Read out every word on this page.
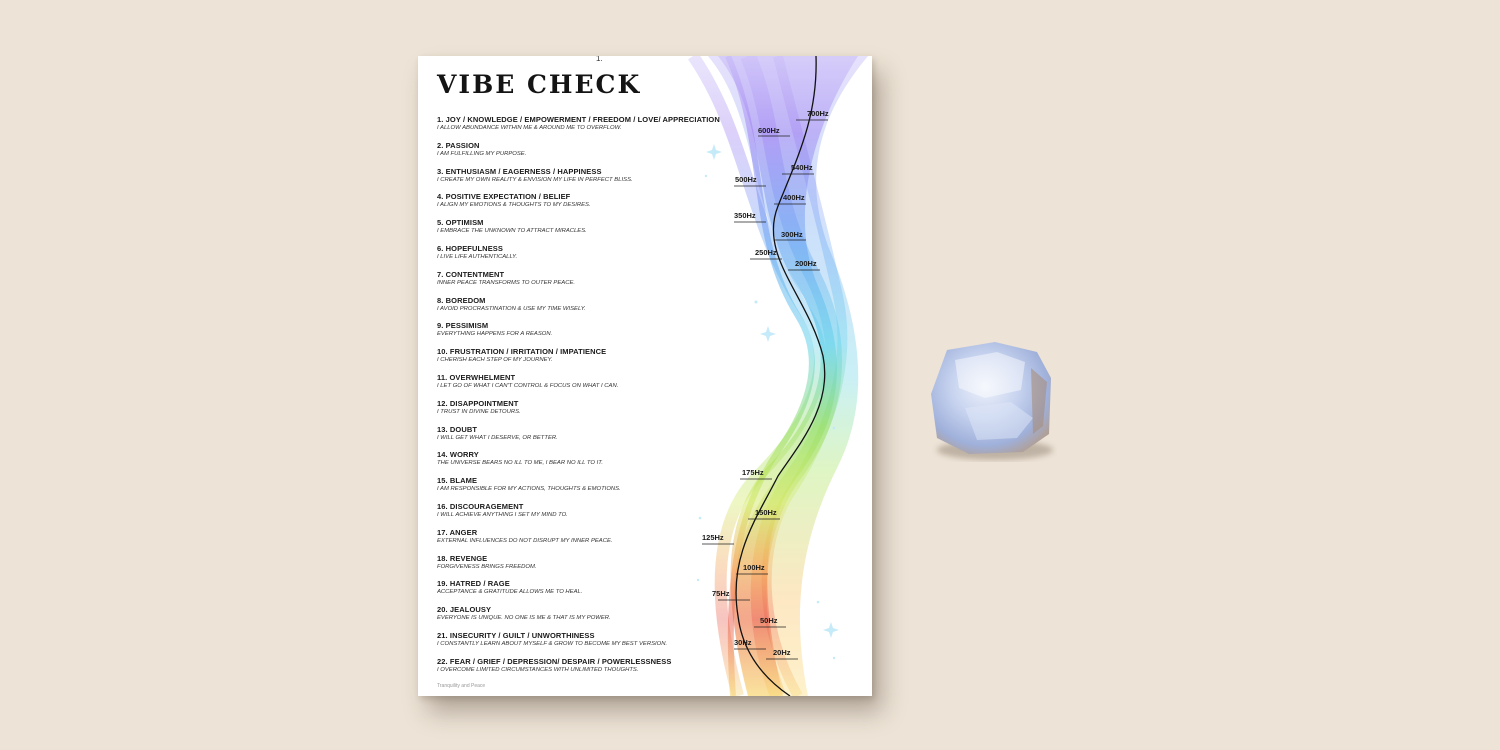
700Hz
600Hz
540Hz
500Hz
400Hz
350Hz
300Hz
250Hz
200Hz
175Hz
150Hz
125Hz
100Hz
75Hz
50Hz
30Hz
20Hz
1.
VIBE CHECK
1. JOY / KNOWLEDGE / EMPOWERMENT / FREEDOM / LOVE/ APPRECIATION
I ALLOW ABUNDANCE WITHIN ME & AROUND ME TO OVERFLOW.
2. PASSION
I AM FULFILLING MY PURPOSE.
3. ENTHUSIASM / EAGERNESS / HAPPINESS
I CREATE MY OWN REALITY & ENVISION MY LIFE IN PERFECT BLISS.
4. POSITIVE EXPECTATION / BELIEF
I ALIGN MY EMOTIONS & THOUGHTS TO MY DESIRES.
5. OPTIMISM
I EMBRACE THE UNKNOWN TO ATTRACT MIRACLES.
6. HOPEFULNESS
I LIVE LIFE AUTHENTICALLY.
7. CONTENTMENT
INNER PEACE TRANSFORMS TO OUTER PEACE.
8. BOREDOM
I AVOID PROCRASTINATION & USE MY TIME WISELY.
9. PESSIMISM
EVERYTHING HAPPENS FOR A REASON.
10. FRUSTRATION / IRRITATION / IMPATIENCE
I CHERISH EACH STEP OF MY JOURNEY.
11. OVERWHELMENT
I LET GO OF WHAT I CAN'T CONTROL & FOCUS ON WHAT I CAN.
12. DISAPPOINTMENT
I TRUST IN DIVINE DETOURS.
13. DOUBT
I WILL GET WHAT I DESERVE, OR BETTER.
14. WORRY
THE UNIVERSE BEARS NO ILL TO ME, I BEAR NO ILL TO IT.
15. BLAME
I AM RESPONSIBLE FOR MY ACTIONS, THOUGHTS & EMOTIONS.
16. DISCOURAGEMENT
I WILL ACHIEVE ANYTHING I SET MY MIND TO.
17. ANGER
EXTERNAL INFLUENCES DO NOT DISRUPT MY INNER PEACE.
18. REVENGE
FORGIVENESS BRINGS FREEDOM.
19. HATRED / RAGE
ACCEPTANCE & GRATITUDE ALLOWS ME TO HEAL.
20. JEALOUSY
EVERYONE IS UNIQUE. NO ONE IS ME & THAT IS MY POWER.
21. INSECURITY / GUILT / UNWORTHINESS
I CONSTANTLY LEARN ABOUT MYSELF & GROW TO BECOME MY BEST VERSION.
22. FEAR / GRIEF / DEPRESSION/ DESPAIR / POWERLESSNESS
I OVERCOME LIMITED CIRCUMSTANCES WITH UNLIMITED THOUGHTS.
Tranquility and Peace
